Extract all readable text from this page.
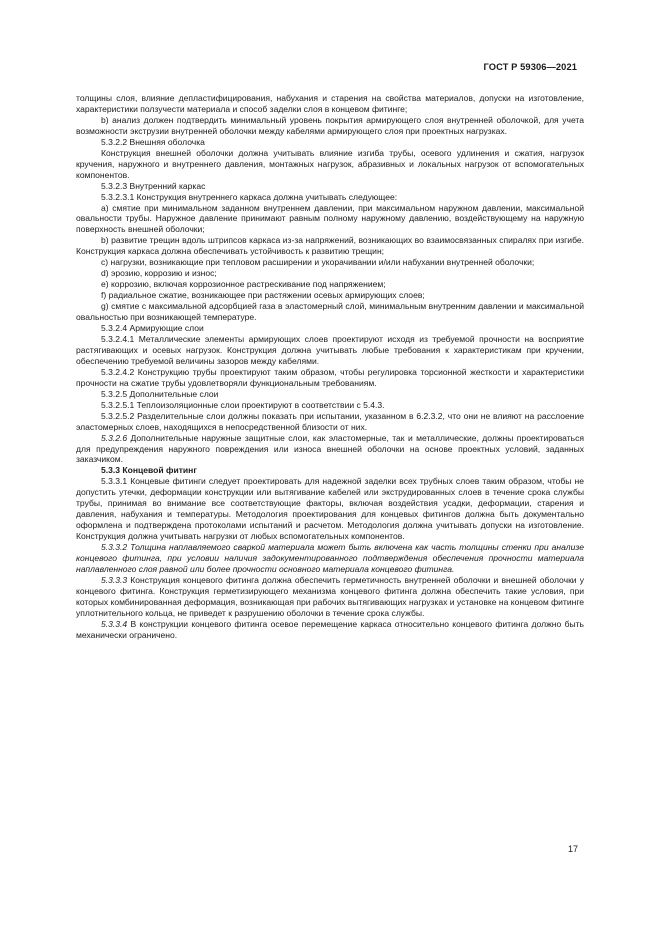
ГОСТ Р 59306—2021

толщины слоя, влияние депластифицирования, набухания и старения на свойства материалов, допуски на изготовление, характеристики ползучести материала и способ заделки слоя в концевом фитинге;

b) анализ должен подтвердить минимальный уровень покрытия армирующего слоя внутренней оболочкой, для учета возможности экструзии внутренней оболочки между кабелями армирующего слоя при проектных нагрузках.

5.3.2.2 Внешняя оболочка

Конструкция внешней оболочки должна учитывать влияние изгиба трубы, осевого удлинения и сжатия, нагрузок кручения, наружного и внутреннего давления, монтажных нагрузок, абразивных и локальных нагрузок от вспомогательных компонентов.

5.3.2.3 Внутренний каркас

5.3.2.3.1 Конструкция внутреннего каркаса должна учитывать следующее:

a) смятие при минимальном заданном внутреннем давлении, при максимальном наружном давлении, максимальной овальности трубы. Наружное давление принимают равным полному наружному давлению, воздействующему на наружную поверхность внешней оболочки;

b) развитие трещин вдоль штрипсов каркаса из-за напряжений, возникающих во взаимосвязанных спиралях при изгибе. Конструкция каркаса должна обеспечивать устойчивость к развитию трещин;

c) нагрузки, возникающие при тепловом расширении и укорачивании и/или набухании внутренней оболочки;

d) эрозию, коррозию и износ;

e) коррозию, включая коррозионное растрескивание под напряжением;

f) радиальное сжатие, возникающее при растяжении осевых армирующих слоев;

g) смятие с максимальной адсорбцией газа в эластомерный слой, минимальным внутренним давлении и максимальной овальностью при возникающей температуре.

5.3.2.4 Армирующие слои

5.3.2.4.1 Металлические элементы армирующих слоев проектируют исходя из требуемой прочности на восприятие растягивающих и осевых нагрузок. Конструкция должна учитывать любые требования к характеристикам при кручении, обеспечению требуемой величины зазоров между кабелями.

5.3.2.4.2 Конструкцию трубы проектируют таким образом, чтобы регулировка торсионной жесткости и характеристики прочности на сжатие трубы удовлетворяли функциональным требованиям.

5.3.2.5 Дополнительные слои

5.3.2.5.1 Теплоизоляционные слои проектируют в соответствии с 5.4.3.

5.3.2.5.2 Разделительные слои должны показать при испытании, указанном в 6.2.3.2, что они не влияют на расслоение эластомерных слоев, находящихся в непосредственной близости от них.

5.3.2.6 Дополнительные наружные защитные слои, как эластомерные, так и металлические, должны проектироваться для предупреждения наружного повреждения или износа внешней оболочки на основе проектных условий, заданных заказчиком.

5.3.3 Концевой фитинг

5.3.3.1 Концевые фитинги следует проектировать для надежной заделки всех трубных слоев таким образом, чтобы не допустить утечки, деформации конструкции или вытягивание кабелей или экструдированных слоев в течение срока службы трубы, принимая во внимание все соответствующие факторы, включая воздействия усадки, деформации, старения и давления, набухания и температуры. Методология проектирования для концевых фитингов должна быть документально оформлена и подтверждена протоколами испытаний и расчетом. Методология должна учитывать допуски на изготовление. Конструкция должна учитывать нагрузки от любых вспомогательных компонентов.

5.3.3.2 Толщина наплавляемого сваркой материала может быть включена как часть толщины стенки при анализе концевого фитинга, при условии наличия задокументированного подтверждения обеспечения прочности материала наплавленного слоя равной или более прочности основного материала концевого фитинга.

5.3.3.3 Конструкция концевого фитинга должна обеспечить герметичность внутренней оболочки и внешней оболочки у концевого фитинга. Конструкция герметизирующего механизма концевого фитинга должна обеспечить такие условия, при которых комбинированная деформация, возникающая при рабочих вытягивающих нагрузках и установке на концевом фитинге уплотнительного кольца, не приведет к разрушению оболочки в течение срока службы.

5.3.3.4 В конструкции концевого фитинга осевое перемещение каркаса относительно концевого фитинга должно быть механически ограничено.

17
